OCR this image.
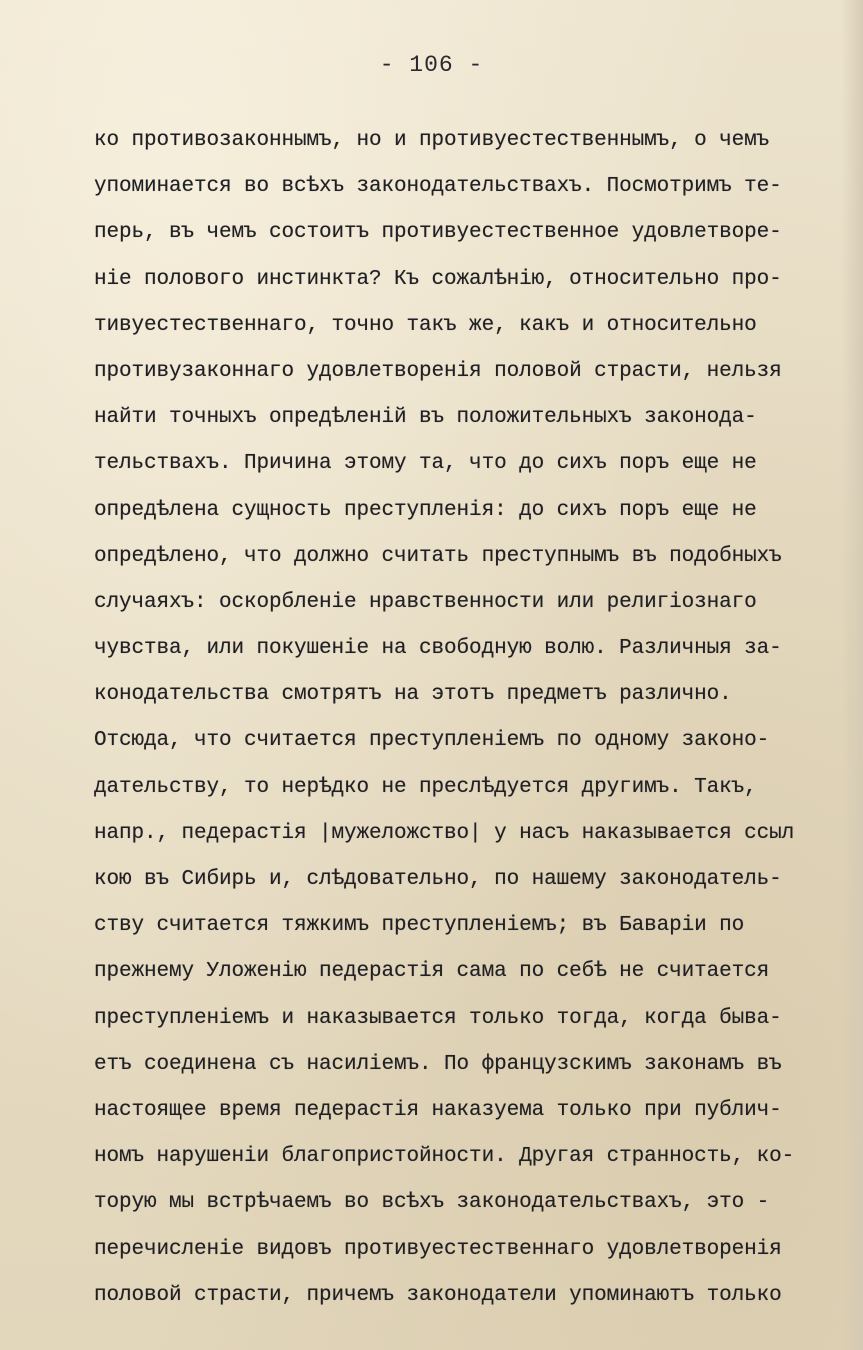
- 106 -
ко противозаконнымъ, но и противуестественнымъ, о чемъ
упоминается во всѣхъ законодательствахъ. Посмотримъ те-
перь, въ чемъ состоитъ противуестественное удовлетворе-
нiе полового инстинкта? Къ сожалѣнiю, относительно про-
тивуестественнаго, точно такъ же, какъ и относительно
противузаконнаго удовлетворенiя половой страсти, нельзя
найти точныхъ опредѣленiй въ положительныхъ законода-
тельствахъ. Причина этому та, что до сихъ поръ еще не
опредѣлена сущность преступленiя: до сихъ поръ еще не
опредѣлено, что должно считать преступнымъ въ подобныхъ
случаяхъ: оскорбленiе нравственности или религiознаго
чувства, или покушенiе на свободную волю. Различныя за-
конодательства смотрятъ на этотъ предметъ различно.
Отсюда, что считается преступленiемъ по одному законо-
дательству, то нерѣдко не преслѣдуется другимъ. Такъ,
напр., педерастiя |мужеложство| у насъ наказывается ссыл
кою въ Сибирь и, слѣдовательно, по нашему законодатель-
ству считается тяжкимъ преступленiемъ; въ Баварiи по
прежнему Уложенiю педерастiя сама по себѣ не считается
преступленiемъ и наказывается только тогда, когда быва-
етъ соединена съ насилiемъ. По французскимъ законамъ въ
настоящее время педерастiя наказуема только при публич-
номъ нарушенiи благопристойности. Другая странность, ко-
торую мы встрѣчаемъ во всѣхъ законодательствахъ, это -
перечисленiе видовъ противуестественнаго удовлетворенiя
половой страсти, причемъ законодатели упоминаютъ только
